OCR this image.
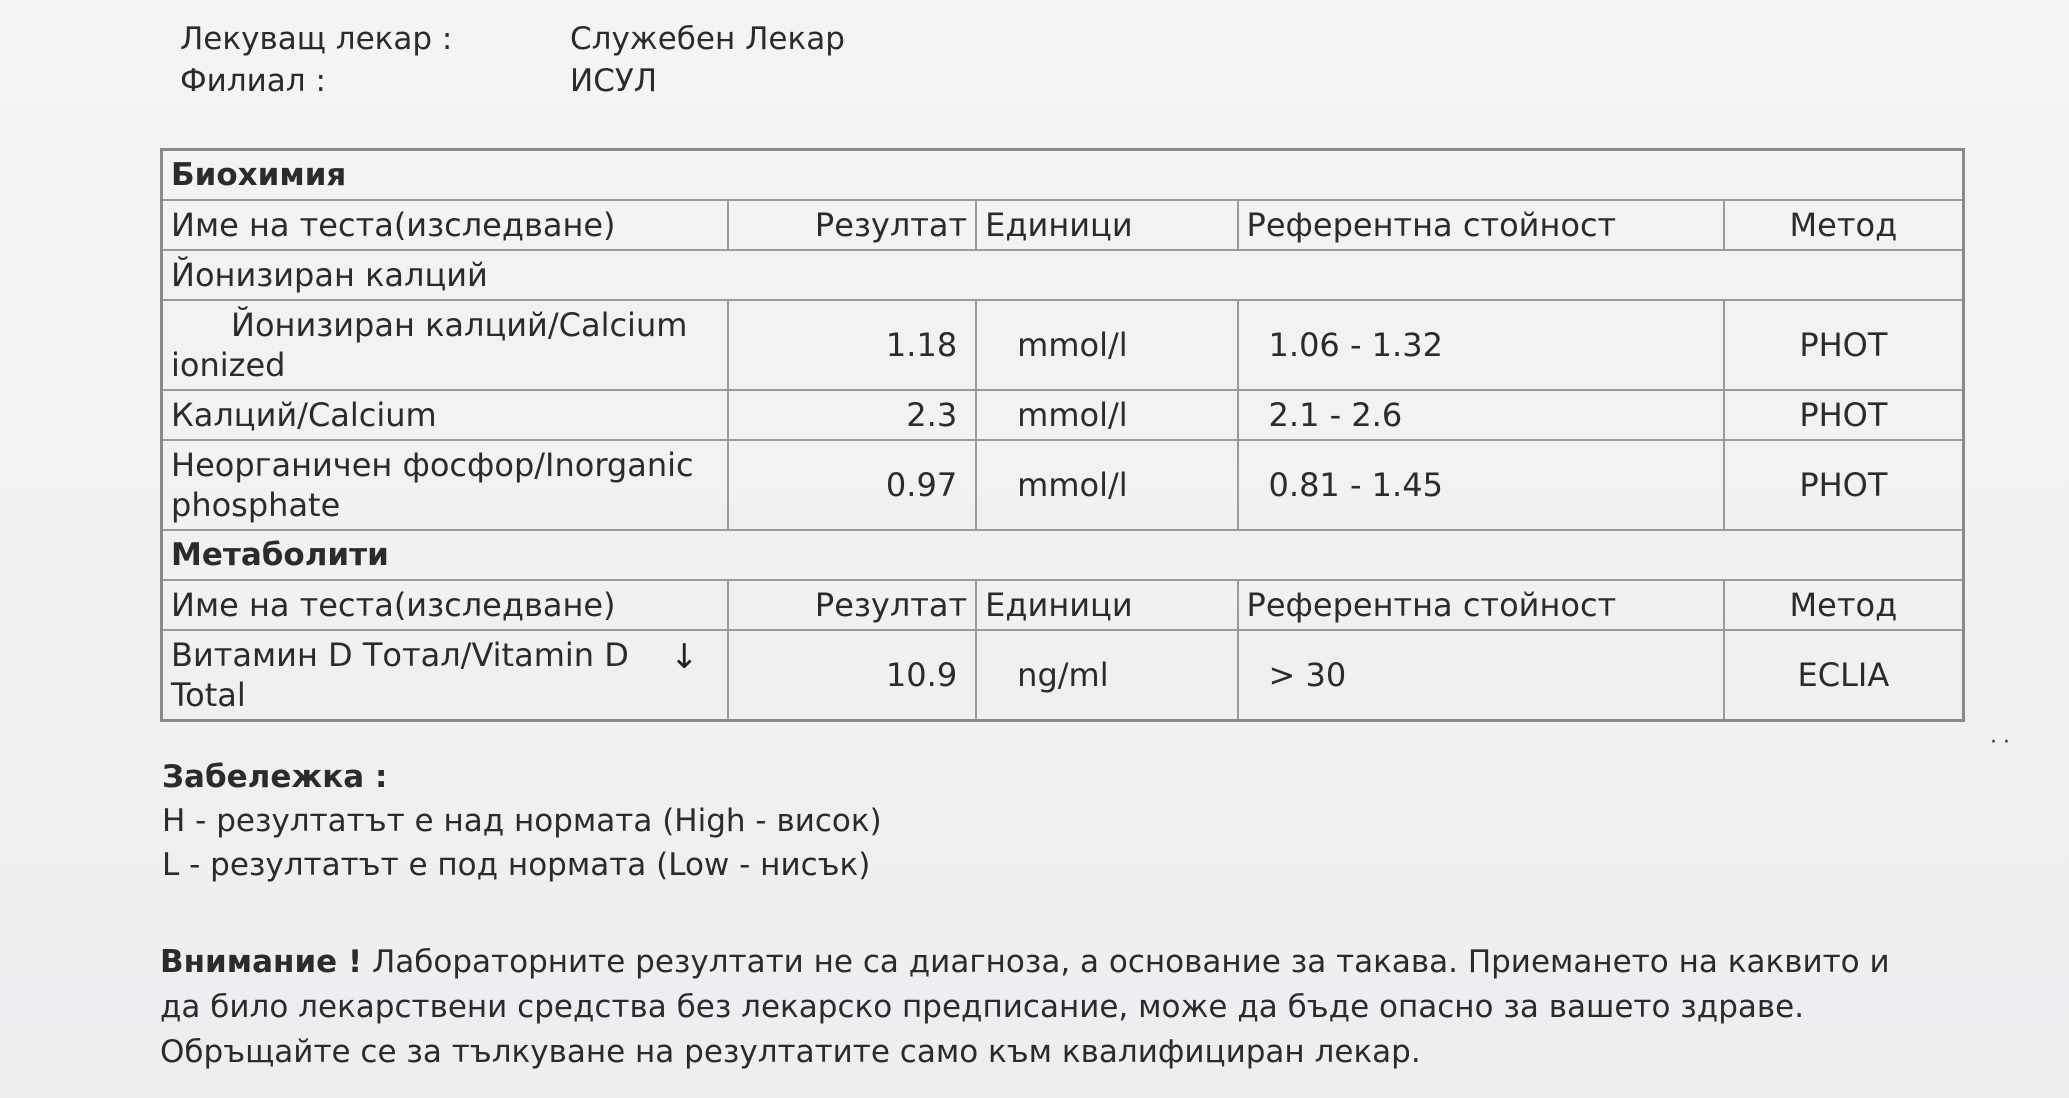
Лекуващ лекар :	Служебен Лекар
Филиал :	ИСУЛ
Биохимия				
Име на теста(изследване)	Резултат	Единици	Референтна стойност	Метод
Йонизиран калций				
Йонизиран калций/Calcium
ionized	1.18	mmol/l	1.06 - 1.32	PHOT
Калций/Calcium	2.3	mmol/l	2.1 - 2.6	PHOT
Неорганичен фосфор/Inorganic
phosphate	0.97	mmol/l	0.81 - 1.45	PHOT
Метаболити				
Име на теста(изследване)	Резултат	Единици	Референтна стойност	Метод
Витамин D Тотал/Vitamin D
Total
↓	10.9	ng/ml	> 30	ECLIA
··
Забележка :
H - резултатът е над нормата (High - висок)
L - резултатът е под нормата (Low - нисък)
Внимание ! Лабораторните резултати не са диагноза, а основание за такава. Приемането на каквито и да било лекарствени средства без лекарско предписание, може да бъде опасно за вашето здраве. Обръщайте се за тълкуване на резултатите само към квалифициран лекар.
